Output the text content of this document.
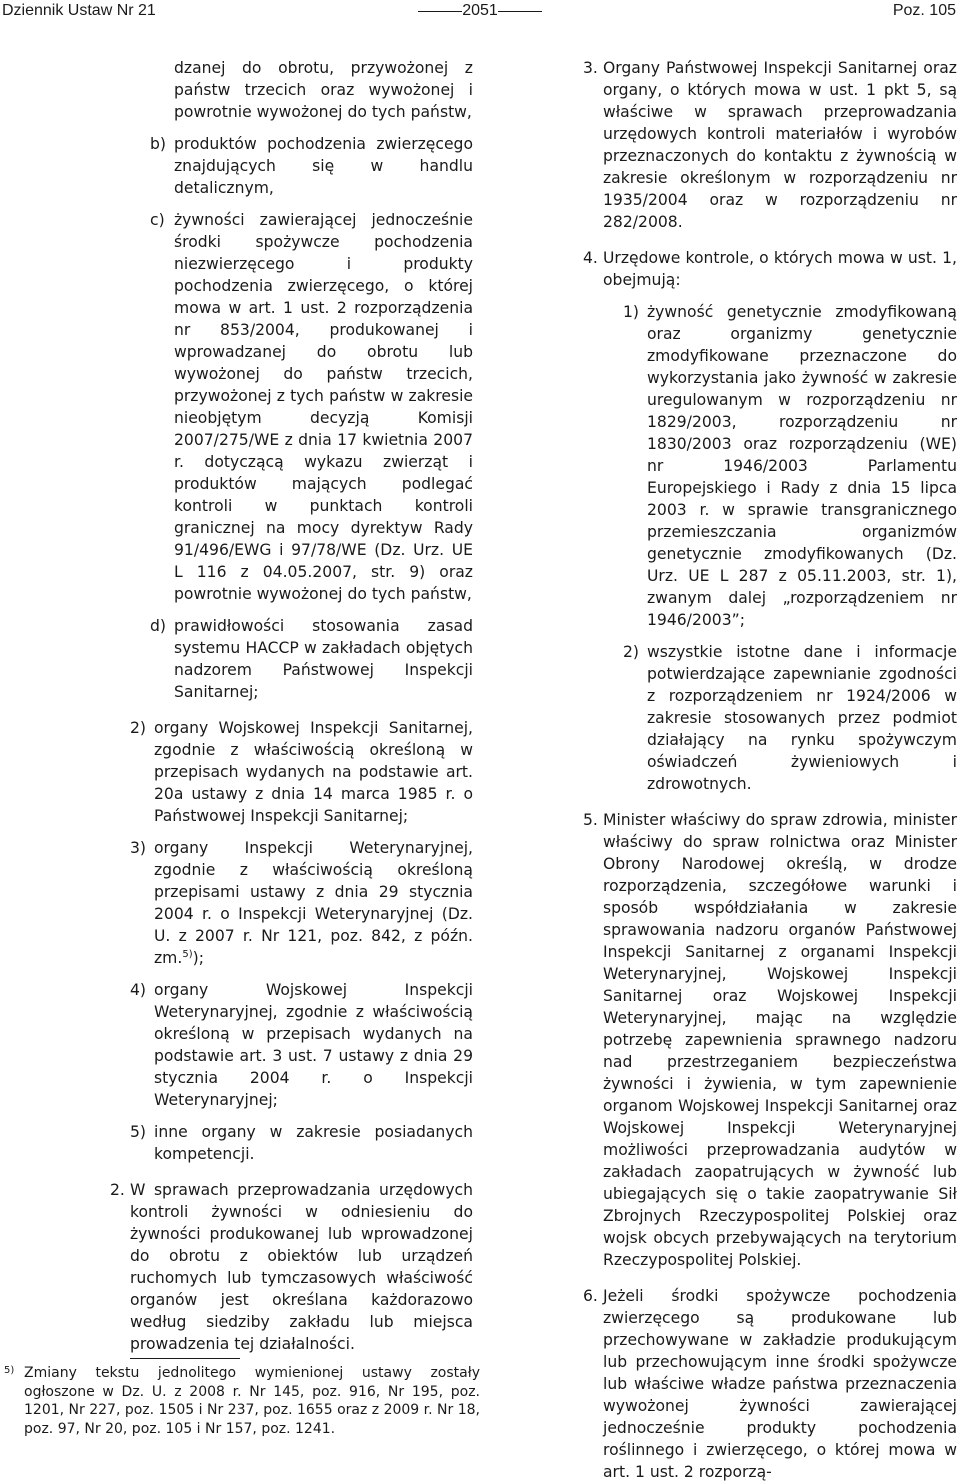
Dziennik Ustaw Nr 21	2051	Poz. 105

dzanej do obrotu, przywożonej z państw trzecich oraz wywożonej i powrotnie wywożonej do tych państw,

b) produktów pochodzenia zwierzęcego znajdujących się w handlu detalicznym,

c) żywności zawierającej jednocześnie środki spożywcze pochodzenia niezwierzęcego i produkty pochodzenia zwierzęcego, o której mowa w art. 1 ust. 2 rozporządzenia nr 853/2004, produkowanej i wprowadzanej do obrotu lub wywożonej do państw trzecich, przywożonej z tych państw w zakresie nieobjętym decyzją Komisji 2007/275/WE z dnia 17 kwietnia 2007 r. dotyczącą wykazu zwierząt i produktów mających podlegać kontroli w punktach kontroli granicznej na mocy dyrektyw Rady 91/496/EWG i 97/78/WE (Dz. Urz. UE L 116 z 04.05.2007, str. 9) oraz powrotnie wywożonej do tych państw,

d) prawidłowości stosowania zasad systemu HACCP w zakładach objętych nadzorem Państwowej Inspekcji Sanitarnej;

2) organy Wojskowej Inspekcji Sanitarnej, zgodnie z właściwością określoną w przepisach wydanych na podstawie art. 20a ustawy z dnia 14 marca 1985 r. o Państwowej Inspekcji Sanitarnej;

3) organy Inspekcji Weterynaryjnej, zgodnie z właściwością określoną przepisami ustawy z dnia 29 stycznia 2004 r. o Inspekcji Weterynaryjnej (Dz. U. z 2007 r. Nr 121, poz. 842, z późn. zm.$^{5)}$);

4) organy Wojskowej Inspekcji Weterynaryjnej, zgodnie z właściwością określoną w przepisach wydanych na podstawie art. 3 ust. 7 ustawy z dnia 29 stycznia 2004 r. o Inspekcji Weterynaryjnej;

5) inne organy w zakresie posiadanych kompetencji.

2. W sprawach przeprowadzania urzędowych kontroli żywności w odniesieniu do żywności produkowanej lub wprowadzonej do obrotu z obiektów lub urządzeń ruchomych lub tymczasowych właściwość organów jest określana każdorazowo według siedziby zakładu lub miejsca prowadzenia tej działalności.

3. Organy Państwowej Inspekcji Sanitarnej oraz organy, o których mowa w ust. 1 pkt 5, są właściwe w sprawach przeprowadzania urzędowych kontroli materiałów i wyrobów przeznaczonych do kontaktu z żywnością w zakresie określonym w rozporządzeniu nr 1935/2004 oraz w rozporządzeniu nr 282/2008.

4. Urzędowe kontrole, o których mowa w ust. 1, obejmują:

1) żywność genetycznie zmodyfikowaną oraz organizmy genetycznie zmodyfikowane przeznaczone do wykorzystania jako żywność w zakresie uregulowanym w rozporządzeniu nr 1829/2003, rozporządzeniu nr 1830/2003 oraz rozporządzeniu (WE) nr 1946/2003 Parlamentu Europejskiego i Rady z dnia 15 lipca 2003 r. w sprawie transgranicznego przemieszczania organizmów genetycznie zmodyfikowanych (Dz. Urz. UE L 287 z 05.11.2003, str. 1), zwanym dalej „rozporządzeniem nr 1946/2003”;

2) wszystkie istotne dane i informacje potwierdzające zapewnianie zgodności z rozporządzeniem nr 1924/2006 w zakresie stosowanych przez podmiot działający na rynku spożywczym oświadczeń żywieniowych i zdrowotnych.

5. Minister właściwy do spraw zdrowia, minister właściwy do spraw rolnictwa oraz Minister Obrony Narodowej określą, w drodze rozporządzenia, szczegółowe warunki i sposób współdziałania w zakresie sprawowania nadzoru organów Państwowej Inspekcji Sanitarnej z organami Inspekcji Weterynaryjnej, Wojskowej Inspekcji Sanitarnej oraz Wojskowej Inspekcji Weterynaryjnej, mając na względzie potrzebę zapewnienia sprawnego nadzoru nad przestrzeganiem bezpieczeństwa żywności i żywienia, w tym zapewnienie organom Wojskowej Inspekcji Sanitarnej oraz Wojskowej Inspekcji Weterynaryjnej możliwości przeprowadzania audytów w zakładach zaopatrujących w żywność lub ubiegających się o takie zaopatrywanie Sił Zbrojnych Rzeczypospolitej Polskiej oraz wojsk obcych przebywających na terytorium Rzeczypospolitej Polskiej.

6. Jeżeli środki spożywcze pochodzenia zwierzęcego są produkowane lub przechowywane w zakładzie produkującym lub przechowującym inne środki spożywcze lub właściwe władze państwa przeznaczenia wywożonej żywności zawierającej jednocześnie produkty pochodzenia roślinnego i zwierzęcego, o której mowa w art. 1 ust. 2 rozporzą-

5) Zmiany tekstu jednolitego wymienionej ustawy zostały ogłoszone w Dz. U. z 2008 r. Nr 145, poz. 916, Nr 195, poz. 1201, Nr 227, poz. 1505 i Nr 237, poz. 1655 oraz z 2009 r. Nr 18, poz. 97, Nr 20, poz. 105 i Nr 157, poz. 1241.
